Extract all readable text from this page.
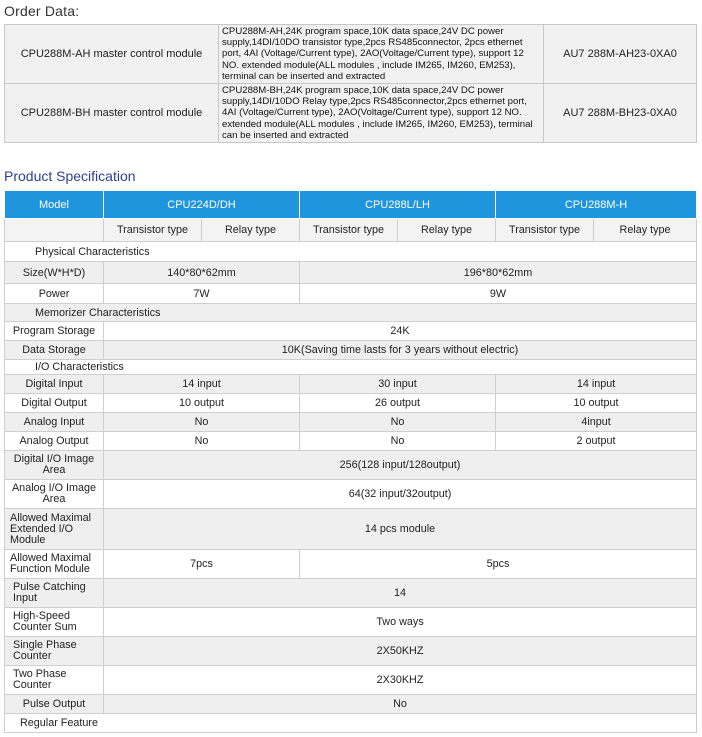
Order Data:
CPU288M-AH master control module	CPU288M-AH,24K program space,10K data space,24V DC power supply,14DI/10DO transistor type,2pcs RS485connector, 2pcs ethernet port, 4AI (Voltage/Current type), 2AO(Voltage/Current type), support 12 NO. extended module(ALL modules , include IM265, IM260, EM253), terminal can be inserted and extracted	AU7 288M-AH23-0XA0
CPU288M-BH master control module	CPU288M-BH,24K program space,10K data space,24V DC power supply,14DI/10DO Relay type,2pcs RS485connector,2pcs ethernet port, 4AI (Voltage/Current type), 2AO(Voltage/Current type), support 12 NO. extended module(ALL modules , include IM265, IM260, EM253), terminal can be inserted and extracted	AU7 288M-BH23-0XA0
Product Specification
Model	CPU224D/DH		CPU288L/LH		CPU288M-H	
	Transistor type	Relay type	Transistor type	Relay type	Transistor type	Relay type
Physical Characteristics						
Size(W*H*D)	140*80*62mm		196*80*62mm			
Power	7W		9W			
Memorizer Characteristics						
Program Storage	24K					
Data Storage	10K(Saving time lasts for 3 years without electric)					
I/O Characteristics						
Digital Input	14 input		30 input		14 input	
Digital Output	10 output		26 output		10 output	
Analog Input	No		No		4input	
Analog Output	No		No		2 output	
Digital I/O Image Area	256(128 input/128output)					
Analog I/O Image Area	64(32 input/32output)					
Allowed Maximal Extended I/O Module	14 pcs module					
Allowed Maximal Function Module	7pcs		5pcs			
Pulse Catching Input	14					
High-Speed Counter Sum	Two ways					
Single Phase Counter	2X50KHZ					
Two Phase Counter	2X30KHZ					
Pulse Output	No					
Regular Feature						
